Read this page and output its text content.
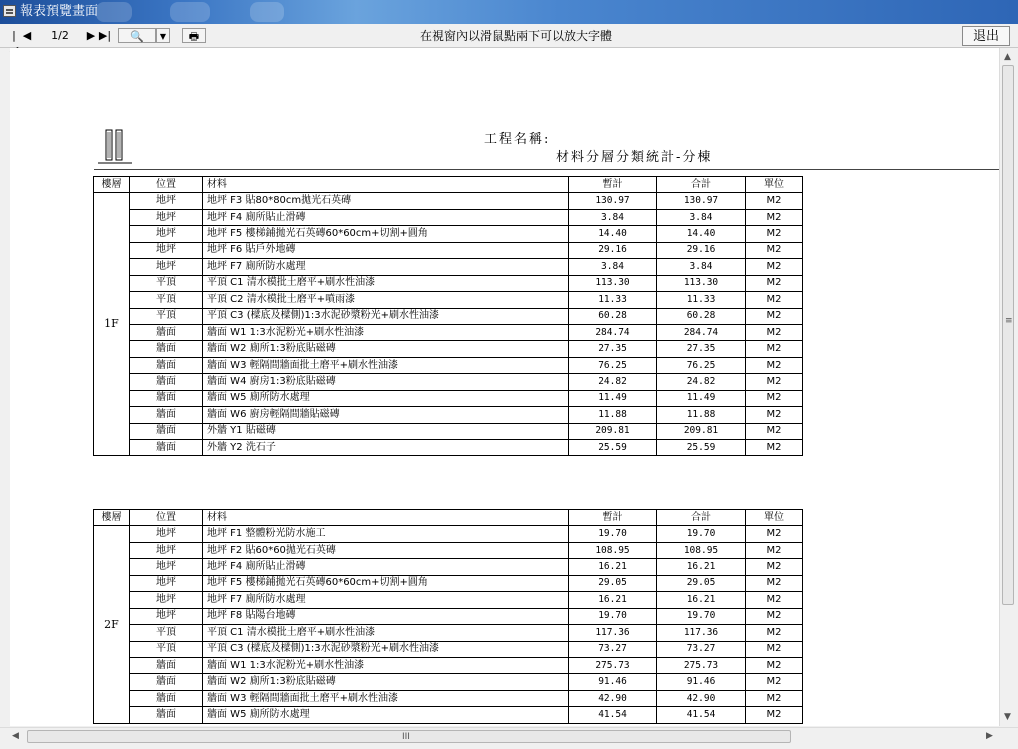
報表預覽畫面
| ◀ 1/2 ▶ ▶|	🔍	▼	🖶	在視窗內以滑鼠點兩下可以放大字體	退出
工程名稱:
材料分層分類統計-分棟
樓層	位置	材料	暫計	合計	單位
1F	地坪	地坪 F3 貼80*80cm拋光石英磚	130.97	130.97	M2
	地坪	地坪 F4 廁所貼止滑磚	3.84	3.84	M2
	地坪	地坪 F5 樓梯鋪拋光石英磚60*60cm+切割+圓角	14.40	14.40	M2
	地坪	地坪 F6 貼戶外地磚	29.16	29.16	M2
	地坪	地坪 F7 廁所防水處理	3.84	3.84	M2
	平頂	平頂 C1 清水模批土磨平+刷水性油漆	113.30	113.30	M2
	平頂	平頂 C2 清水模批土磨平+噴雨漆	11.33	11.33	M2
	平頂	平頂 C3 (樑底及樑側)1:3水泥砂漿粉光+刷水性油漆	60.28	60.28	M2
	牆面	牆面 W1 1:3水泥粉光+刷水性油漆	284.74	284.74	M2
	牆面	牆面 W2 廁所1:3粉底貼磁磚	27.35	27.35	M2
	牆面	牆面 W3 輕隔間牆面批土磨平+刷水性油漆	76.25	76.25	M2
	牆面	牆面 W4 廚房1:3粉底貼磁磚	24.82	24.82	M2
	牆面	牆面 W5 廁所防水處理	11.49	11.49	M2
	牆面	牆面 W6 廚房輕隔間牆貼磁磚	11.88	11.88	M2
	牆面	外牆 Y1 貼磁磚	209.81	209.81	M2
	牆面	外牆 Y2 洗石子	25.59	25.59	M2
樓層	位置	材料	暫計	合計	單位
2F	地坪	地坪 F1 整體粉光防水施工	19.70	19.70	M2
	地坪	地坪 F2 貼60*60拋光石英磚	108.95	108.95	M2
	地坪	地坪 F4 廁所貼止滑磚	16.21	16.21	M2
	地坪	地坪 F5 樓梯鋪拋光石英磚60*60cm+切割+圓角	29.05	29.05	M2
	地坪	地坪 F7 廁所防水處理	16.21	16.21	M2
	地坪	地坪 F8 貼陽台地磚	19.70	19.70	M2
	平頂	平頂 C1 清水模批土磨平+刷水性油漆	117.36	117.36	M2
	平頂	平頂 C3 (樑底及樑側)1:3水泥砂漿粉光+刷水性油漆	73.27	73.27	M2
	牆面	牆面 W1 1:3水泥粉光+刷水性油漆	275.73	275.73	M2
	牆面	牆面 W2 廁所1:3粉底貼磁磚	91.46	91.46	M2
	牆面	牆面 W3 輕隔間牆面批土磨平+刷水性油漆	42.90	42.90	M2
	牆面	牆面 W5 廁所防水處理	41.54	41.54	M2
▲
≡
▼
◀	III	▶
